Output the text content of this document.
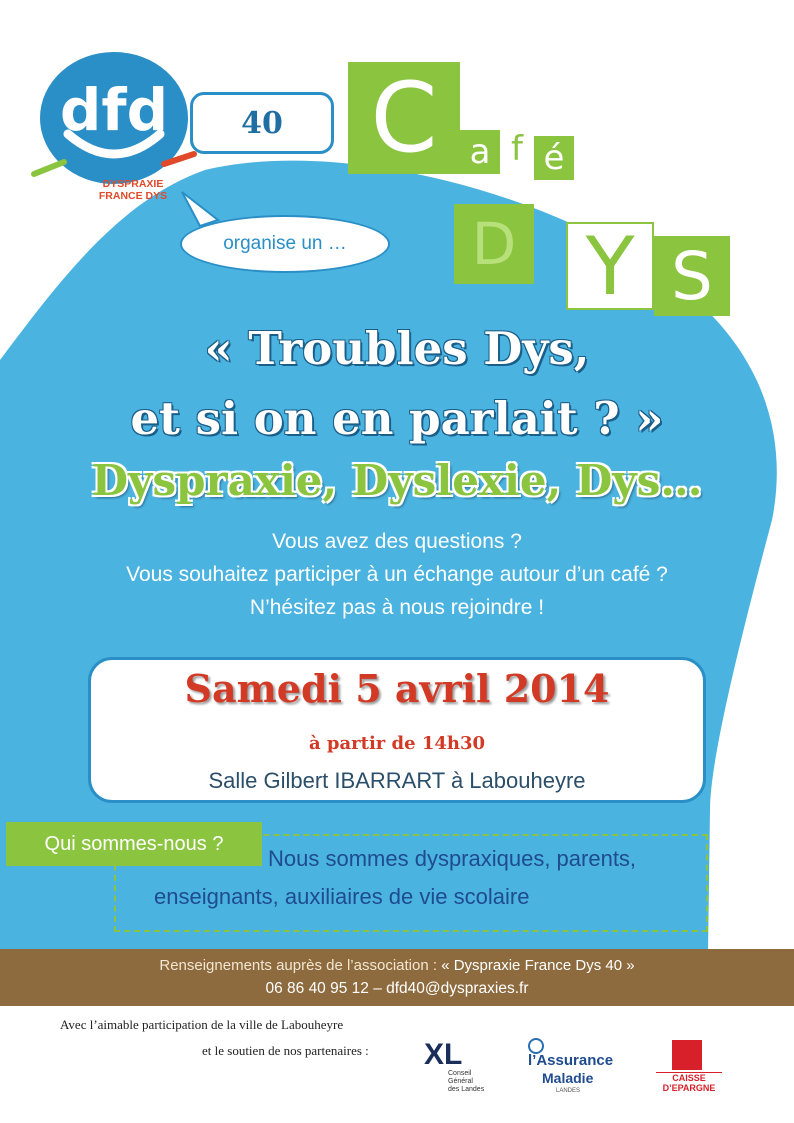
dfd
DYSPRAXIE
FRANCE DYS
40
organise un …
C a f é
D Y S
« Troubles Dys,
et si on en parlait ? »
Dyspraxie, Dyslexie, Dys…
Vous avez des questions ?
Vous souhaitez participer à un échange autour d’un café ?
N’hésitez pas à nous rejoindre !
Samedi 5 avril 2014
à partir de 14h30
Salle Gilbert IBARRART à Labouheyre
Qui sommes-nous ?
Nous sommes dyspraxiques, parents,
enseignants, auxiliaires de vie scolaire
Renseignements auprès de l’association : « Dyspraxie France Dys 40 »
06 86 40 95 12 – dfd40@dyspraxies.fr
Avec l’aimable participation de la ville de Labouheyre
et le soutien de nos partenaires : XL
Conseil
Général
des Landes
l’Assurance
Maladie
LANDES
CAISSE
D’EPARGNE
